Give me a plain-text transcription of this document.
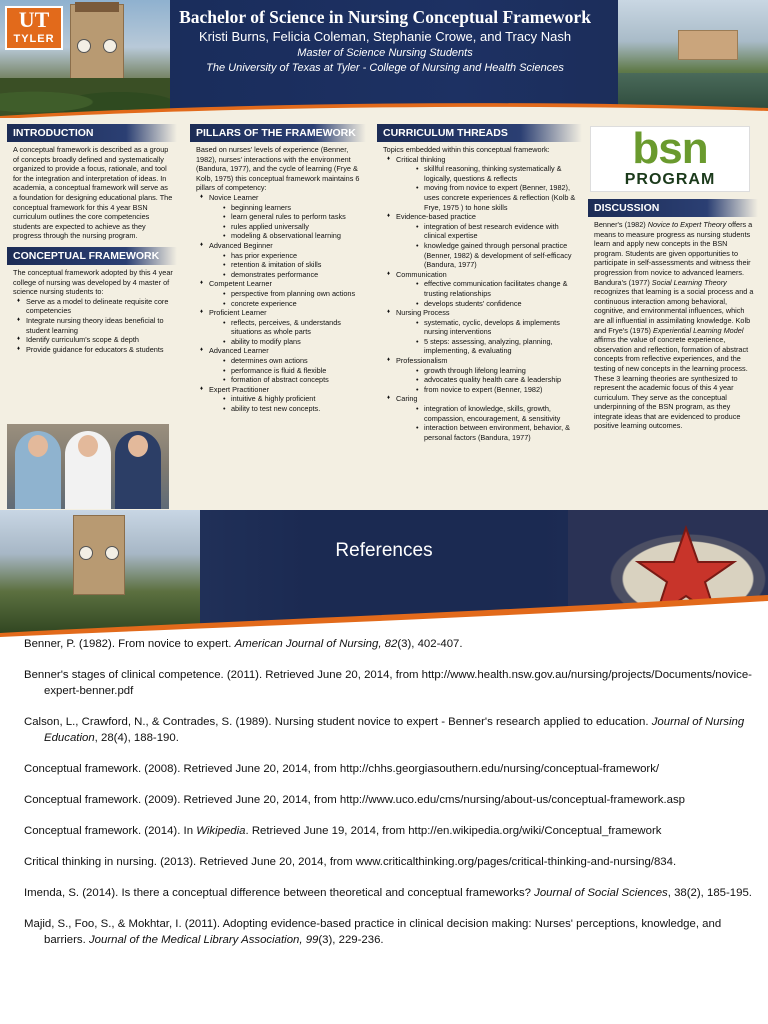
UT
TYLER
Bachelor of Science in Nursing Conceptual Framework
Kristi Burns, Felicia Coleman, Stephanie Crowe, and Tracy Nash
Master of Science Nursing Students
The University of Texas at Tyler - College of Nursing and Health Sciences
INTRODUCTION
A conceptual framework is described as a group of concepts broadly defined and systematically organized to provide a focus, rationale, and tool for the integration and interpretation of ideas. In academia, a conceptual framework will serve as a foundation for designing educational plans. The conceptual framework for this 4 year BSN curriculum outlines the core competencies students are expected to achieve as they progress through the nursing program.
CONCEPTUAL FRAMEWORK
The conceptual framework adopted by this 4 year college of nursing was developed by 4 master of science nursing students to:
♦ Serve as a model to delineate requisite core competencies
♦ Integrate nursing theory ideas beneficial to student learning
♦ Identify curriculum's scope & depth
♦ Provide guidance for educators & students
PILLARS OF THE FRAMEWORK
Based on nurses' levels of experience (Benner, 1982), nurses' interactions with the environment (Bandura, 1977), and the cycle of learning (Frye & Kolb, 1975) this conceptual framework maintains 6 pillars of competency:
♦ Novice Learner
• beginning learners
• learn general rules to perform tasks
• rules applied universally
• modeling & observational learning
♦ Advanced Beginner
• has prior experience
• retention & imitation of skills
• demonstrates performance
♦ Competent Learner
• perspective from planning own actions
• concrete experience
♦ Proficient Learner
• reflects, perceives, & understands situations as whole parts
• ability to modify plans
♦ Advanced Learner
• determines own actions
• performance is fluid & flexible
• formation of abstract concepts
♦ Expert Practitioner
• intuitive & highly proficient
• ability to test new concepts.
CURRICULUM THREADS
Topics embedded within this conceptual framework:
♦ Critical thinking
• skillful reasoning, thinking systematically & logically, questions & reflects
• moving from novice to expert (Benner, 1982), uses concrete experiences & reflection (Kolb & Frye, 1975 ) to hone skills
♦ Evidence-based practice
• integration of best research evidence with clinical expertise
• knowledge gained through personal practice (Benner, 1982) & development of self-efficacy (Bandura, 1977)
♦ Communication
• effective communication facilitates change & trusting relationships
• develops students' confidence
♦ Nursing Process
• systematic, cyclic, develops & implements nursing interventions
• 5 steps: assessing, analyzing, planning, implementing, & evaluating
♦ Professionalism
• growth through lifelong learning
• advocates quality health care & leadership
• from novice to expert (Benner, 1982)
♦ Caring
• integration of knowledge, skills, growth, compassion, encouragement, & sensitivity
• interaction between environment, behavior, & personal factors (Bandura, 1977)
bsn
PROGRAM
DISCUSSION
Benner's (1982) Novice to Expert Theory offers a means to measure progress as nursing students learn and apply new concepts in the BSN program. Students are given opportunities to participate in self-assessments and witness their progression from novice to advanced learners.
Bandura's (1977) Social Learning Theory recognizes that learning is a social process and a continuous interaction among behavioral, cognitive, and environmental influences, which are all influential in assimilating knowledge. Kolb and Frye's (1975) Experiential Learning Model affirms the value of concrete experience, observation and reflection, formation of abstract concepts from reflective experiences, and the testing of new concepts in the learning process. These 3 learning theories are synthesized to represent the academic focus of this 4 year curriculum. They serve as the conceptual underpinning of the BSN program, as they integrate ideas that are evidenced to produce positive learning outcomes.
References
Benner, P. (1982). From novice to expert. American Journal of Nursing, 82(3), 402-407.
Benner's stages of clinical competence. (2011). Retrieved June 20, 2014, from http://www.health.nsw.gov.au/nursing/projects/Documents/novice-expert-benner.pdf
Calson, L., Crawford, N., & Contrades, S. (1989). Nursing student novice to expert - Benner's research applied to education. Journal of Nursing Education, 28(4), 188-190.
Conceptual framework. (2008). Retrieved June 20, 2014, from http://chhs.georgiasouthern.edu/nursing/conceptual-framework/
Conceptual framework. (2009). Retrieved June 20, 2014, from http://www.uco.edu/cms/nursing/about-us/conceptual-framework.asp
Conceptual framework. (2014). In Wikipedia. Retrieved June 19, 2014, from http://en.wikipedia.org/wiki/Conceptual_framework
Critical thinking in nursing. (2013). Retrieved June 20, 2014, from www.criticalthinking.org/pages/critical-thinking-and-nursing/834.
Imenda, S. (2014). Is there a conceptual difference between theoretical and conceptual frameworks? Journal of Social Sciences, 38(2), 185-195.
Majid, S., Foo, S., & Mokhtar, I. (2011). Adopting evidence-based practice in clinical decision making: Nurses' perceptions, knowledge, and barriers. Journal of the Medical Library Association, 99(3), 229-236.
